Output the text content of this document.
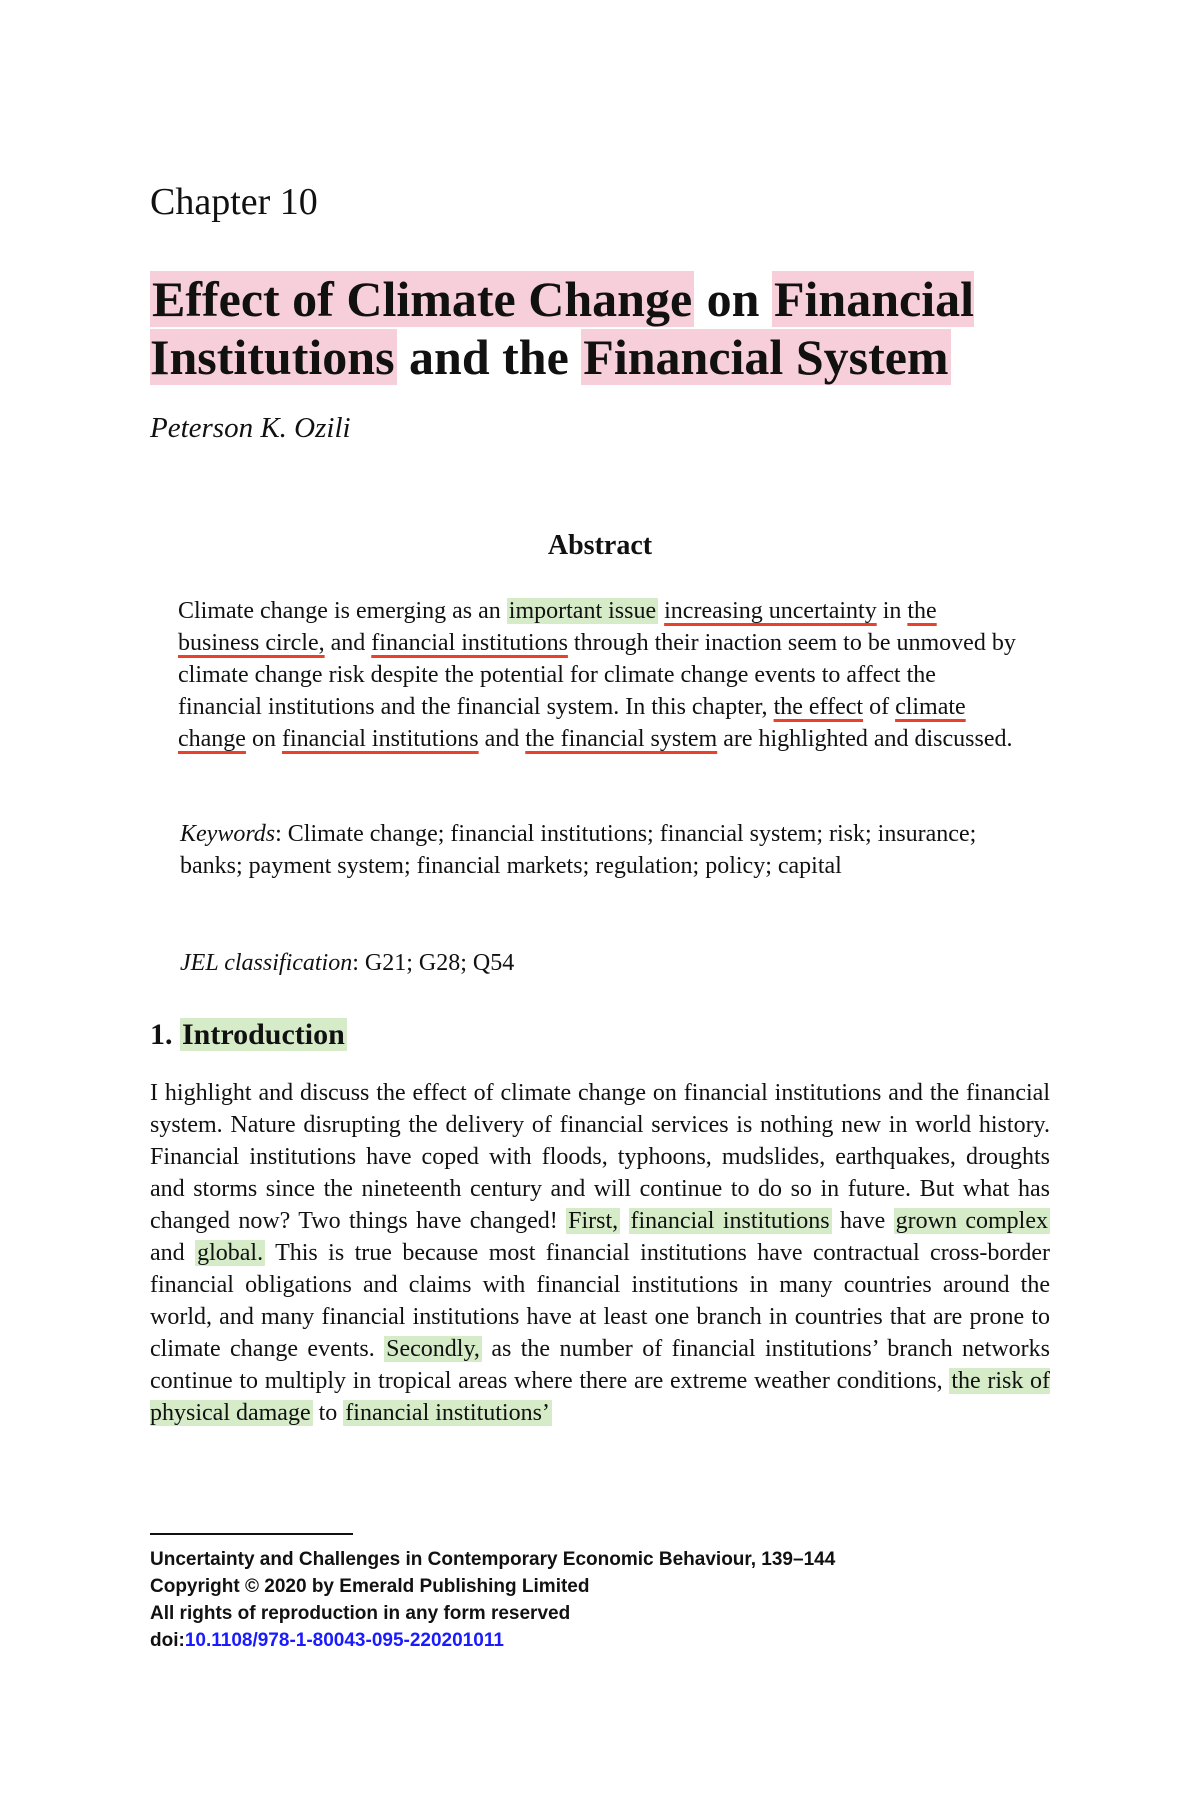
Chapter 10
Effect of Climate Change on Financial Institutions and the Financial System
Peterson K. Ozili
Abstract

Climate change is emerging as an important issue increasing uncertainty in the business circle, and financial institutions through their inaction seem to be unmoved by climate change risk despite the potential for climate change events to affect the financial institutions and the financial system. In this chapter, the effect of climate change on financial institutions and the financial system are highlighted and discussed.

Keywords: Climate change; financial institutions; financial system; risk; insurance; banks; payment system; financial markets; regulation; policy; capital

JEL classification: G21; G28; Q54

1. Introduction

I highlight and discuss the effect of climate change on financial institutions and the financial system. Nature disrupting the delivery of financial services is nothing new in world history. Financial institutions have coped with floods, typhoons, mudslides, earthquakes, droughts and storms since the nineteenth century and will continue to do so in future. But what has changed now? Two things have changed! First, financial institutions have grown complex and global. This is true because most financial institutions have contractual cross-border financial obligations and claims with financial institutions in many countries around the world, and many financial institutions have at least one branch in countries that are prone to climate change events. Secondly, as the number of financial institutions’ branch networks continue to multiply in tropical areas where there are extreme weather conditions, the risk of physical damage to financial institutions’

Uncertainty and Challenges in Contemporary Economic Behaviour, 139–144
Copyright © 2020 by Emerald Publishing Limited
All rights of reproduction in any form reserved
doi:10.1108/978-1-80043-095-220201011
